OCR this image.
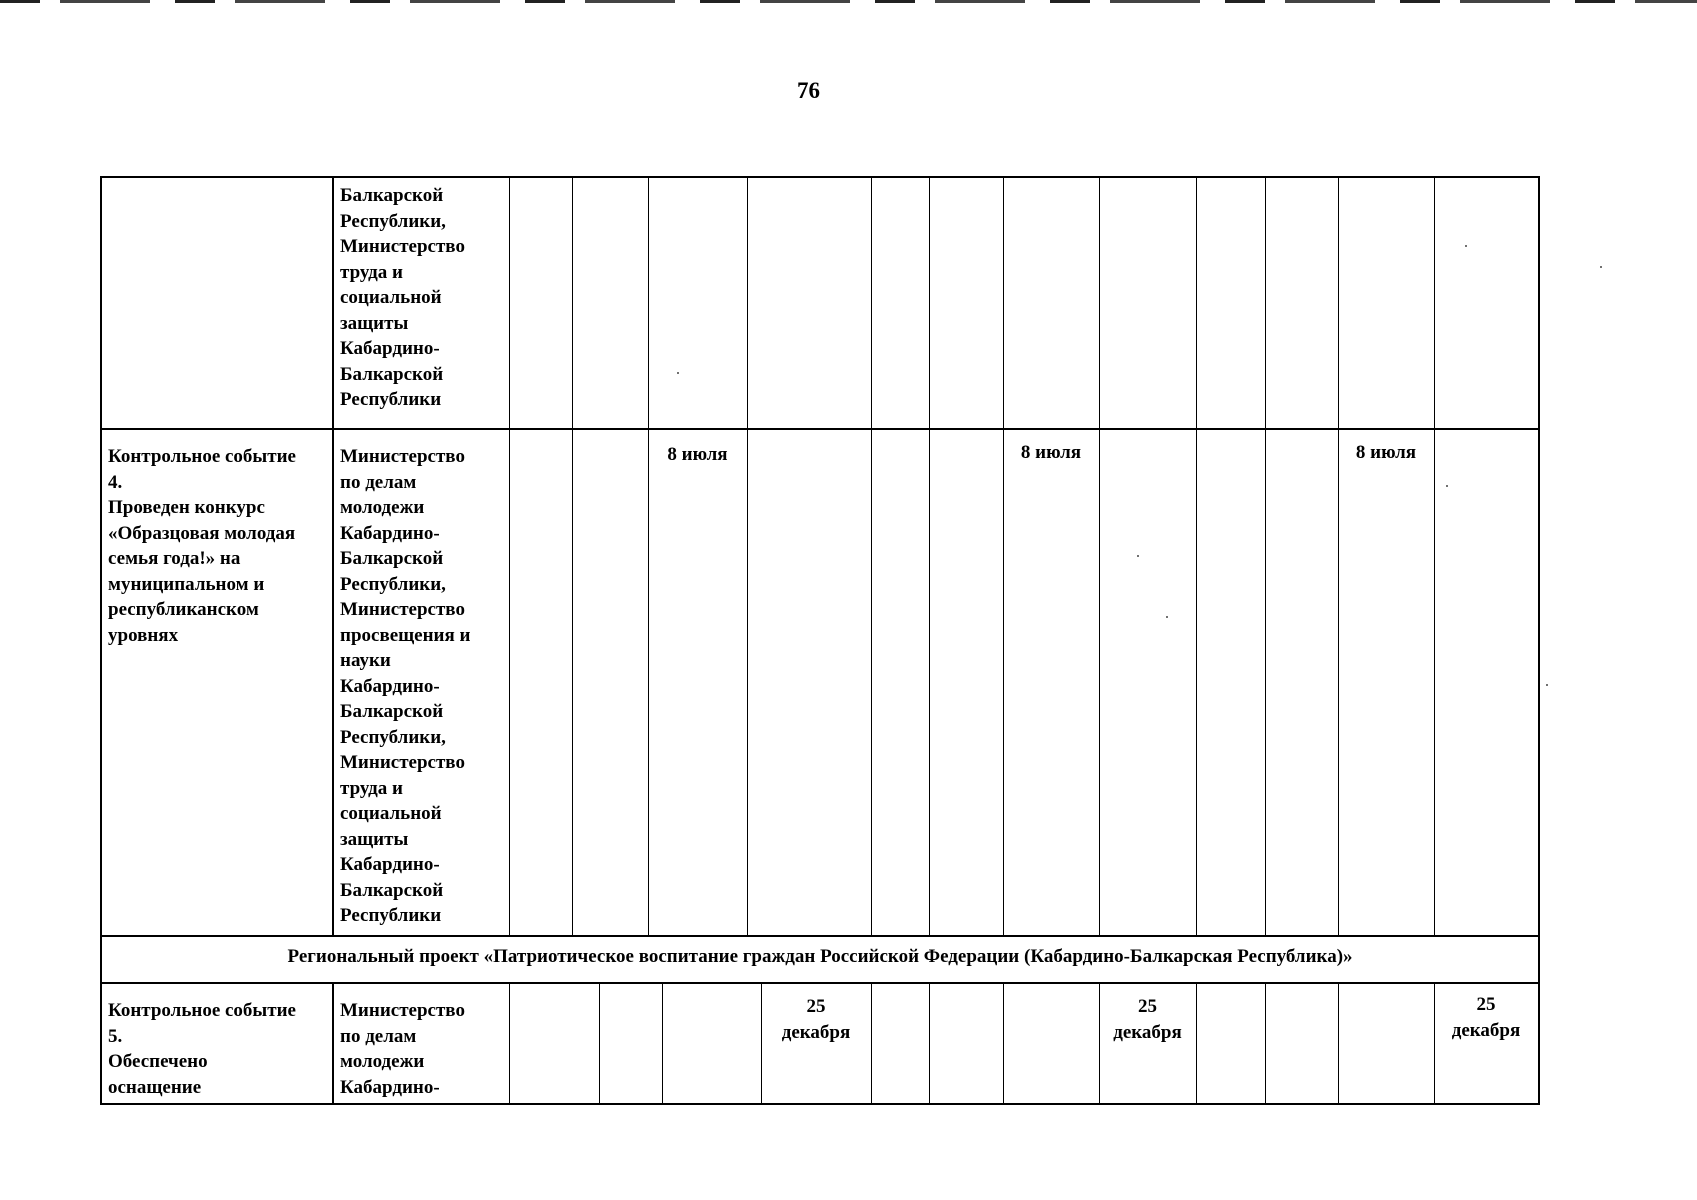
76
Балкарской
Республики,
Министерство
труда и
социальной
защиты
Кабардино-
Балкарской
Республики
Контрольное событие
4.
Проведен конкурс
«Образцовая молодая
семья года!» на
муниципальном и
республиканском
уровнях
Министерство
по делам
молодежи
Кабардино-
Балкарской
Республики,
Министерство
просвещения и
науки
Кабардино-
Балкарской
Республики,
Министерство
труда и
социальной
защиты
Кабардино-
Балкарской
Республики
8 июля	8 июля	8 июля
Контрольное событие
5.
Обеспечено
оснащение
Министерство
по делам
молодежи
Кабардино-
25
декабря
25
декабря
25
декабря
Региональный проект «Патриотическое воспитание граждан Российской Федерации (Кабардино-Балкарская Республика)»
